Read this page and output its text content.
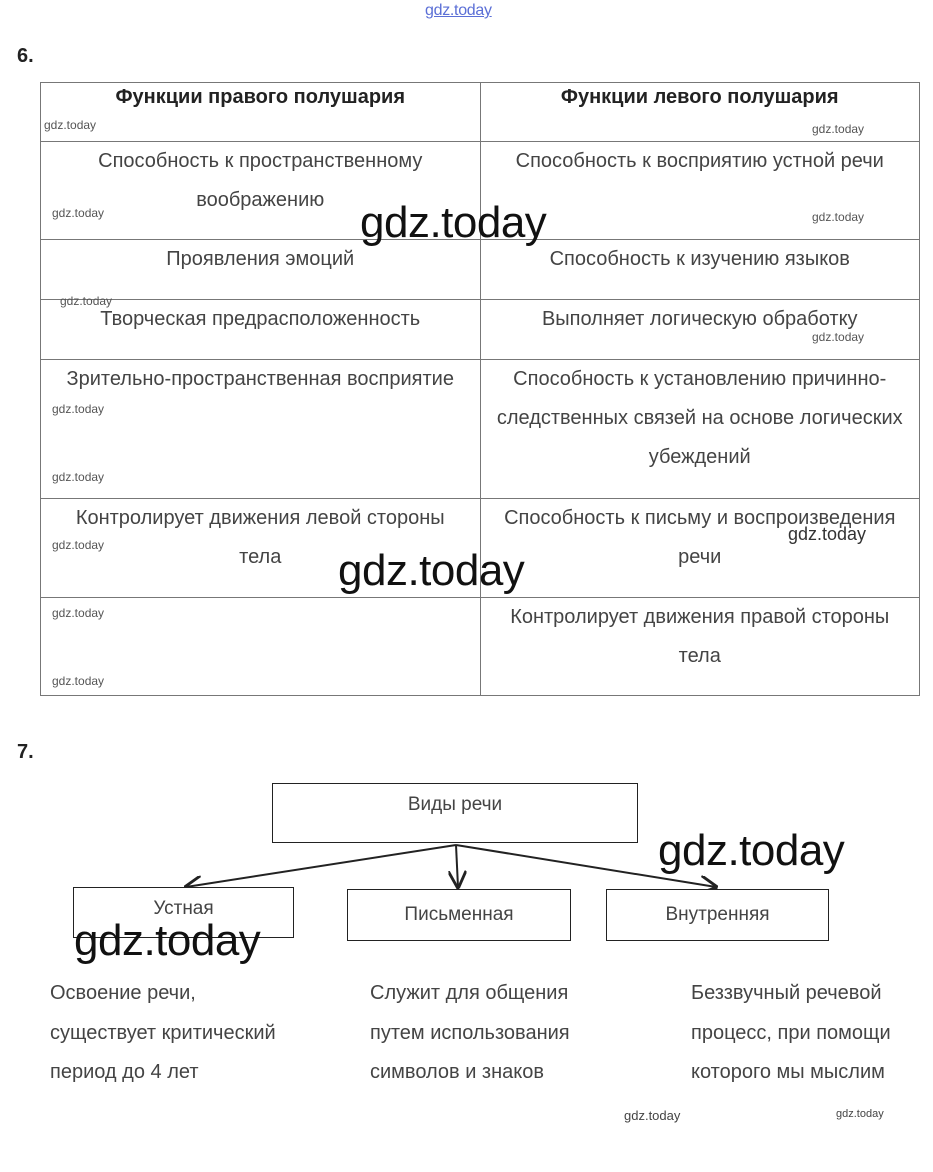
gdz.today
6.
Функции правого полушария	Функции левого полушария
Способность к пространственному воображению	Способность к восприятию устной речи
Проявления эмоций	Способность к изучению языков
Творческая предрасположенность	Выполняет логическую обработку
Зрительно-пространственная восприятие	Способность к установлению причинно-следственных связей на основе логических убеждений
Контролирует движения левой стороны тела	Способность к письму и воспроизведения речи
	Контролирует движения правой стороны тела
gdz.today	gdz.today
gdz.today	gdz.today
gdz.today
gdz.today
gdz.today
gdz.today
gdz.today
gdz.today
gdz.today
gdz.today
gdz.today
gdz.today
7.
Виды речи
Устная	Письменная	Внутренняя
Освоение речи, существует критический период до 4 лет
Служит для общения путем использования символов и знаков
Беззвучный речевой процесс, при помощи которого мы мыслим
gdz.today
gdz.today
gdz.today	gdz.today
